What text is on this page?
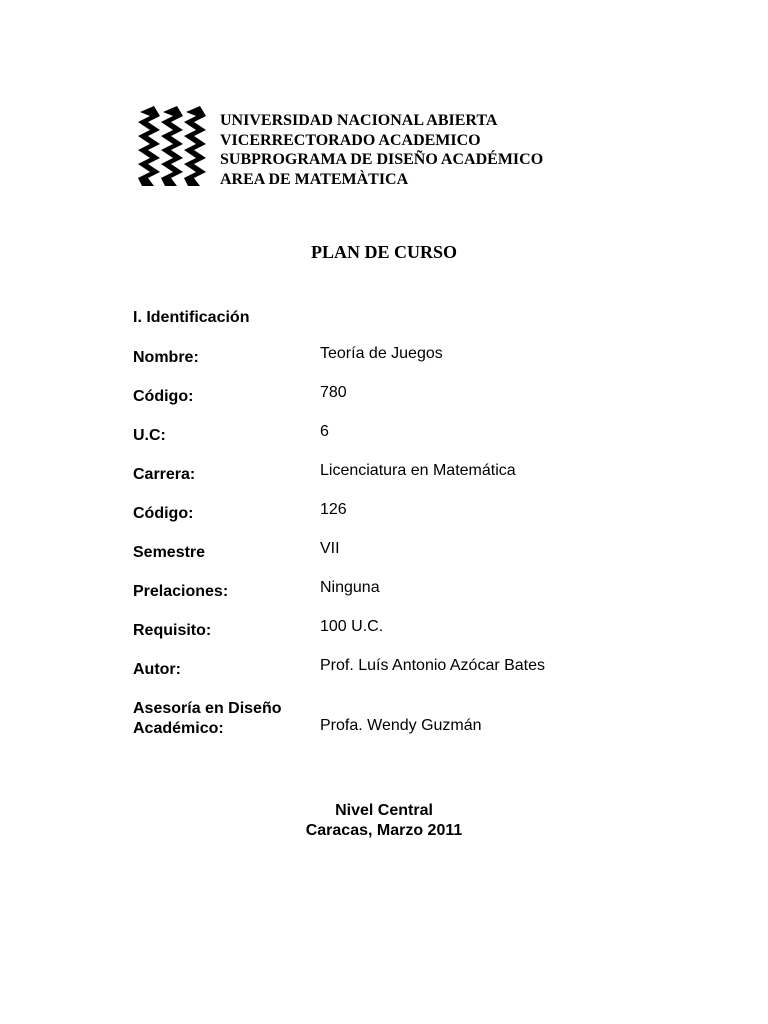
UNIVERSIDAD NACIONAL ABIERTA
VICERRECTORADO ACADEMICO
SUBPROGRAMA DE DISEÑO ACADÉMICO
AREA DE MATEMÀTICA
PLAN DE CURSO
I. Identificación
Nombre:	Teoría de Juegos
Código:	780
U.C:	6
Carrera:	Licenciatura en Matemática
Código:	126
Semestre	VII
Prelaciones:	Ninguna
Requisito:	100 U.C.
Autor:	Prof. Luís Antonio Azócar Bates
Asesoría en Diseño
Académico:	Profa. Wendy Guzmán
Nivel Central
Caracas, Marzo 2011
